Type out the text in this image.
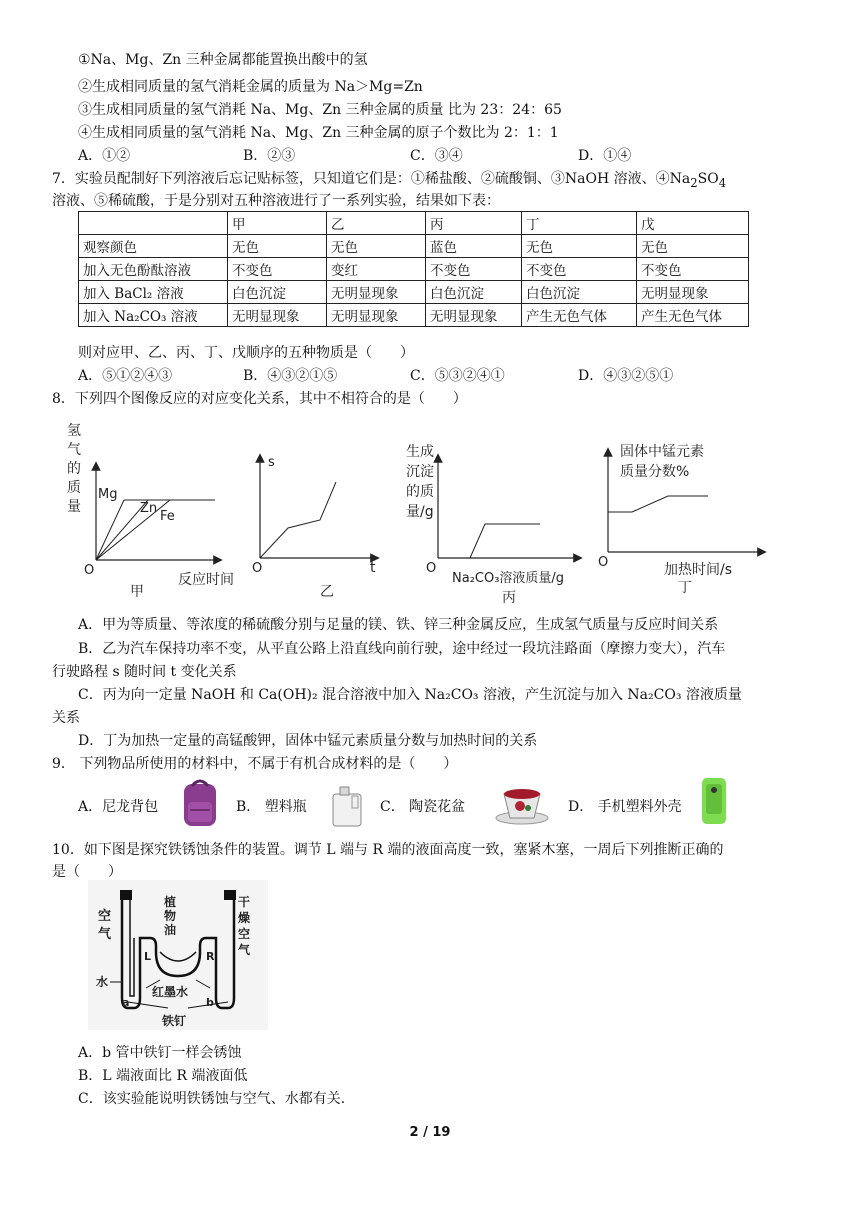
①Na、Mg、Zn 三种金属都能置换出酸中的氢
②生成相同质量的氢气消耗金属的质量为 Na＞Mg=Zn
③生成相同质量的氢气消耗 Na、Mg、Zn 三种金属的质量 比为 23：24：65
④生成相同质量的氢气消耗 Na、Mg、Zn 三种金属的原子个数比为 2：1：1
A．①②	B．②③	C．③④	D．①④
7．实验员配制好下列溶液后忘记贴标签，只知道它们是：①稀盐酸、②硫酸铜、③NaOH 溶液、$④Na_2SO_4$
溶液、⑤稀硫酸，于是分别对五种溶液进行了一系列实验，结果如下表：
	甲	乙	丙	丁	戊
观察颜色	无色	无色	蓝色	无色	无色
加入无色酚酞溶液	不变色	变红	不变色	不变色	不变色
加入 BaCl₂ 溶液	白色沉淀	无明显现象	白色沉淀	白色沉淀	无明显现象
加入 Na₂CO₃ 溶液	无明显现象	无明显现象	无明显现象	产生无色气体	产生无色气体
则对应甲、乙、丙、丁、戊顺序的五种物质是（　　）
A．⑤①②④③	B．④③②①⑤	C．⑤③②④①	D．④③②⑤①
8．下列四个图像反应的对应变化关系，其中不相符合的是（　　）
氢
气
的
质
量
Mg
Zn
Fe
O
反应时间
甲
s
O	t
乙
生成
沉淀
的质
量/g
O
Na₂CO₃溶液质量/g
丙
固体中锰元素
质量分数%
O	加热时间/s
丁
A．甲为等质量、等浓度的稀硫酸分别与足量的镁、铁、锌三种金属反应，生成氢气质量与反应时间关系
B．乙为汽车保持功率不变，从平直公路上沿直线向前行驶，途中经过一段坑洼路面（摩擦力变大），汽车
行驶路程 s 随时间 t 变化关系
C．丙为向一定量 NaOH 和 Ca(OH)₂ 混合溶液中加入 Na₂CO₃ 溶液，产生沉淀与加入 Na₂CO₃ 溶液质量
关系
D．丁为加热一定量的高锰酸钾，固体中锰元素质量分数与加热时间的关系
9． 下列物品所使用的材料中，不属于有机合成材料的是（　　）
A．尼龙背包	B． 塑料瓶	C． 陶瓷花盆	D． 手机塑料外壳
10．如下图是探究铁锈蚀条件的装置。调节 L 端与 R 端的液面高度一致，塞紧木塞，一周后下列推断正确的
是（　　）
空
气
植
物
油
干
燥
空
气
L	R
水
红墨水
a	b
铁钉
A．b 管中铁钉一样会锈蚀
B．L 端液面比 R 端液面低
C．该实验能说明铁锈蚀与空气、水都有关.
2 / 19
